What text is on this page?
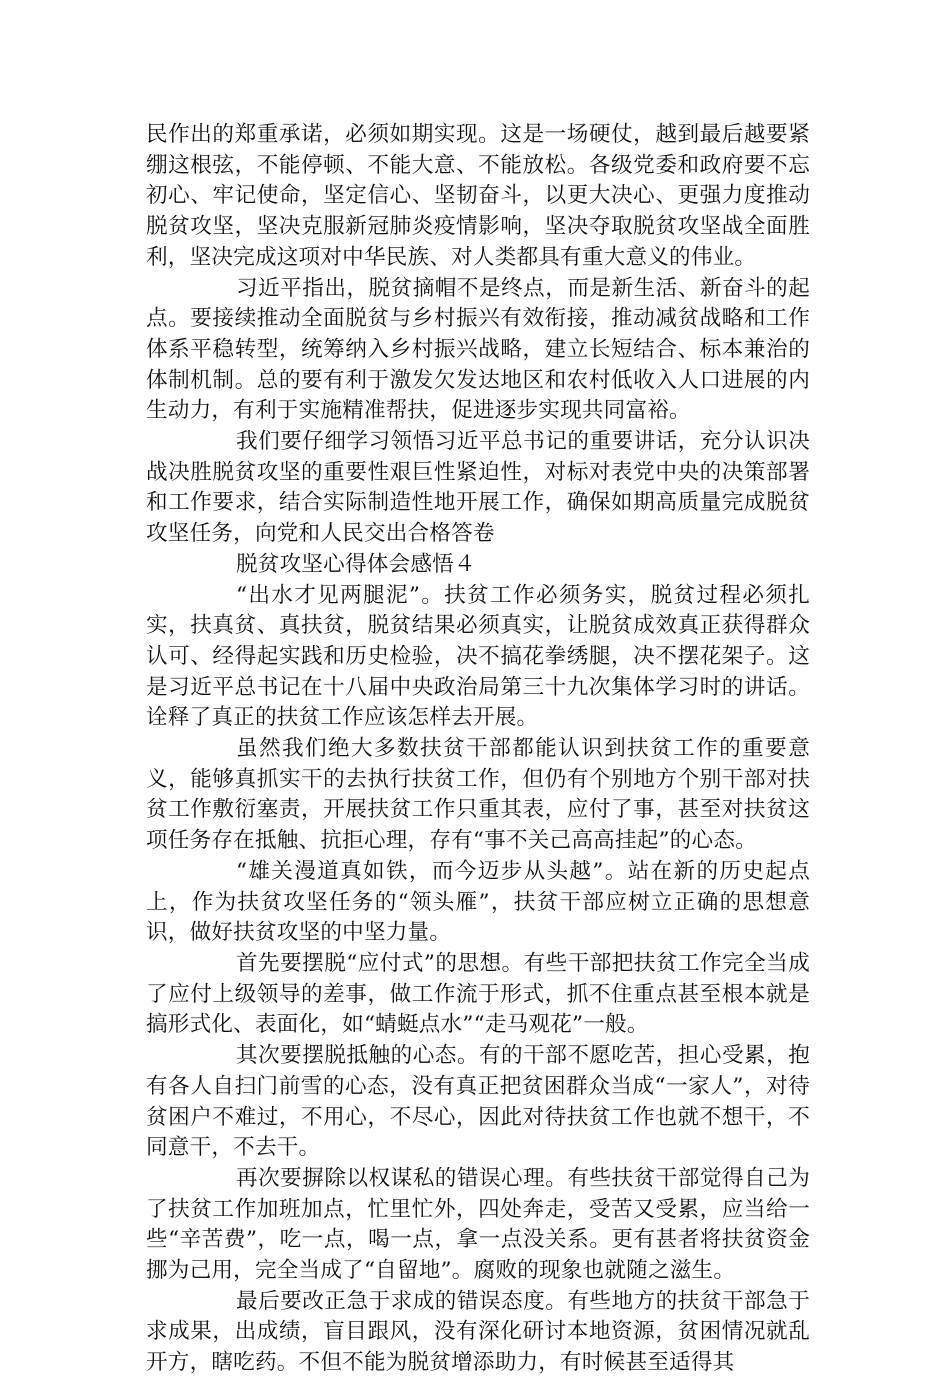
民作出的郑重承诺，必须如期实现。这是一场硬仗，越到最后越要紧绷这根弦，不能停顿、不能大意、不能放松。各级党委和政府要不忘初心、牢记使命，坚定信心、坚韧奋斗，以更大决心、更强力度推动脱贫攻坚，坚决克服新冠肺炎疫情影响，坚决夺取脱贫攻坚战全面胜利，坚决完成这项对中华民族、对人类都具有重大意义的伟业。

习近平指出，脱贫摘帽不是终点，而是新生活、新奋斗的起点。要接续推动全面脱贫与乡村振兴有效衔接，推动减贫战略和工作体系平稳转型，统筹纳入乡村振兴战略，建立长短结合、标本兼治的体制机制。总的要有利于激发欠发达地区和农村低收入人口进展的内生动力，有利于实施精准帮扶，促进逐步实现共同富裕。

我们要仔细学习领悟习近平总书记的重要讲话，充分认识决战决胜脱贫攻坚的重要性艰巨性紧迫性，对标对表党中央的决策部署和工作要求，结合实际制造性地开展工作，确保如期高质量完成脱贫攻坚任务，向党和人民交出合格答卷

脱贫攻坚心得体会感悟４

“出水才见两腿泥”。扶贫工作必须务实，脱贫过程必须扎实，扶真贫、真扶贫，脱贫结果必须真实，让脱贫成效真正获得群众认可、经得起实践和历史检验，决不搞花拳绣腿，决不摆花架子。这是习近平总书记在十八届中央政治局第三十九次集体学习时的讲话。诠释了真正的扶贫工作应该怎样去开展。

虽然我们绝大多数扶贫干部都能认识到扶贫工作的重要意义，能够真抓实干的去执行扶贫工作，但仍有个别地方个别干部对扶贫工作敷衍塞责，开展扶贫工作只重其表，应付了事，甚至对扶贫这项任务存在抵触、抗拒心理，存有“事不关己高高挂起”的心态。

“雄关漫道真如铁，而今迈步从头越”。站在新的历史起点上，作为扶贫攻坚任务的“领头雁”，扶贫干部应树立正确的思想意识，做好扶贫攻坚的中坚力量。

首先要摆脱“应付式”的思想。有些干部把扶贫工作完全当成了应付上级领导的差事，做工作流于形式，抓不住重点甚至根本就是搞形式化、表面化，如“蜻蜓点水”“走马观花”一般。

其次要摆脱抵触的心态。有的干部不愿吃苦，担心受累，抱有各人自扫门前雪的心态，没有真正把贫困群众当成“一家人”，对待贫困户不难过，不用心，不尽心，因此对待扶贫工作也就不想干，不同意干，不去干。

再次要摒除以权谋私的错误心理。有些扶贫干部觉得自己为了扶贫工作加班加点，忙里忙外，四处奔走，受苦又受累，应当给一些“辛苦费”，吃一点，喝一点，拿一点没关系。更有甚者将扶贫资金挪为己用，完全当成了“自留地”。腐败的现象也就随之滋生。

最后要改正急于求成的错误态度。有些地方的扶贫干部急于求成果，出成绩，盲目跟风，没有深化研讨本地资源，贫困情况就乱开方，瞎吃药。不但不能为脱贫增添助力，有时候甚至适得其
